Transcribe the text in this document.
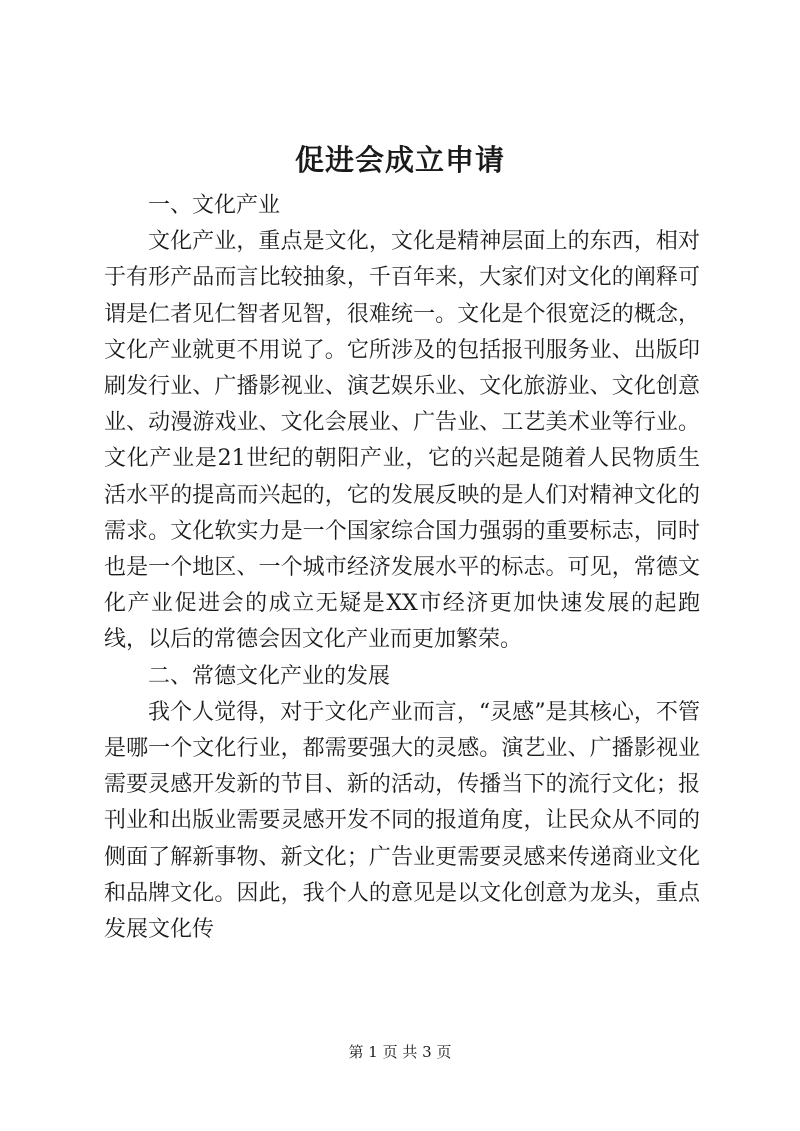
促进会成立申请

一、文化产业

文化产业，重点是文化，文化是精神层面上的东西，相对于有形产品而言比较抽象，千百年来，大家们对文化的阐释可谓是仁者见仁智者见智，很难统一。文化是个很宽泛的概念，文化产业就更不用说了。它所涉及的包括报刊服务业、出版印刷发行业、广播影视业、演艺娱乐业、文化旅游业、文化创意业、动漫游戏业、文化会展业、广告业、工艺美术业等行业。文化产业是21世纪的朝阳产业，它的兴起是随着人民物质生活水平的提高而兴起的，它的发展反映的是人们对精神文化的需求。文化软实力是一个国家综合国力强弱的重要标志，同时也是一个地区、一个城市经济发展水平的标志。可见，常德文化产业促进会的成立无疑是XX市经济更加快速发展的起跑线，以后的常德会因文化产业而更加繁荣。

二、常德文化产业的发展

我个人觉得，对于文化产业而言，“灵感”是其核心，不管是哪一个文化行业，都需要强大的灵感。演艺业、广播影视业需要灵感开发新的节目、新的活动，传播当下的流行文化；报刊业和出版业需要灵感开发不同的报道角度，让民众从不同的侧面了解新事物、新文化；广告业更需要灵感来传递商业文化和品牌文化。因此，我个人的意见是以文化创意为龙头，重点发展文化传

第 1 页 共 3 页
